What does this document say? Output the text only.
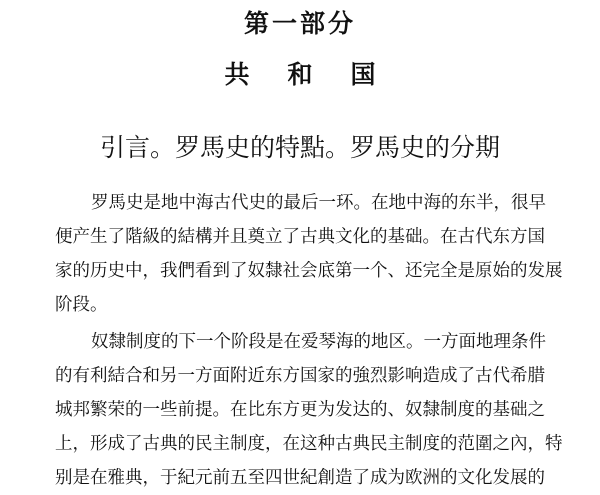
第一部分
共和国
引言。罗馬史的特點。罗馬史的分期
罗馬史是地中海古代史的最后一环。在地中海的东半，很早
便产生了階級的結構并且奠立了古典文化的基础。在古代东方国
家的历史中，我們看到了奴隸社会底第一个、还完全是原始的发展
阶段。
奴隸制度的下一个阶段是在爱琴海的地区。一方面地理条件
的有利結合和另一方面附近东方国家的強烈影响造成了古代希腊
城邦繁荣的一些前提。在比东方更为发达的、奴隸制度的基础之
上，形成了古典的民主制度，在这种古典民主制度的范圍之內，特
别是在雅典，于紀元前五至四世紀創造了成为欧洲的文化发展的
